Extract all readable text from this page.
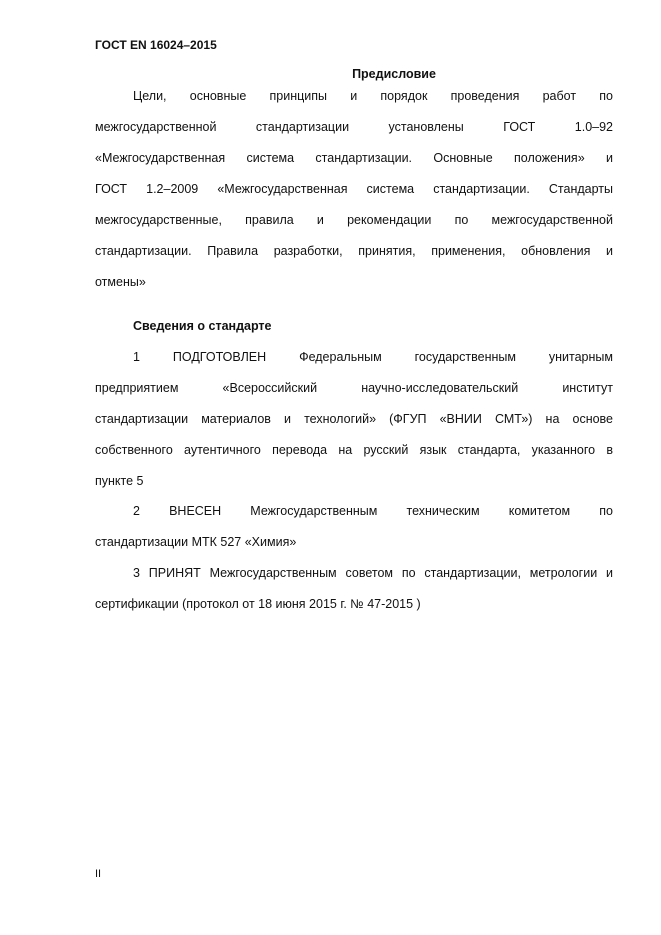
ГОСТ EN 16024–2015
Предисловие
Цели, основные принципы и порядок проведения работ по
межгосударственной стандартизации установлены ГОСТ 1.0–92
«Межгосударственная система стандартизации. Основные положения» и
ГОСТ 1.2–2009 «Межгосударственная система стандартизации. Стандарты
межгосударственные, правила и рекомендации по межгосударственной
стандартизации. Правила разработки, принятия, применения, обновления и
отмены»
Сведения о стандарте
1 ПОДГОТОВЛЕН Федеральным государственным унитарным
предприятием «Всероссийский научно-исследовательский институт
стандартизации материалов и технологий» (ФГУП «ВНИИ СМТ») на основе
собственного аутентичного перевода на русский язык стандарта, указанного в
пункте 5
2 ВНЕСЕН Межгосударственным техническим комитетом по
стандартизации МТК 527 «Химия»
3 ПРИНЯТ Межгосударственным советом по стандартизации, метрологии и
сертификации (протокол от 18 июня 2015 г. № 47-2015 )
II
